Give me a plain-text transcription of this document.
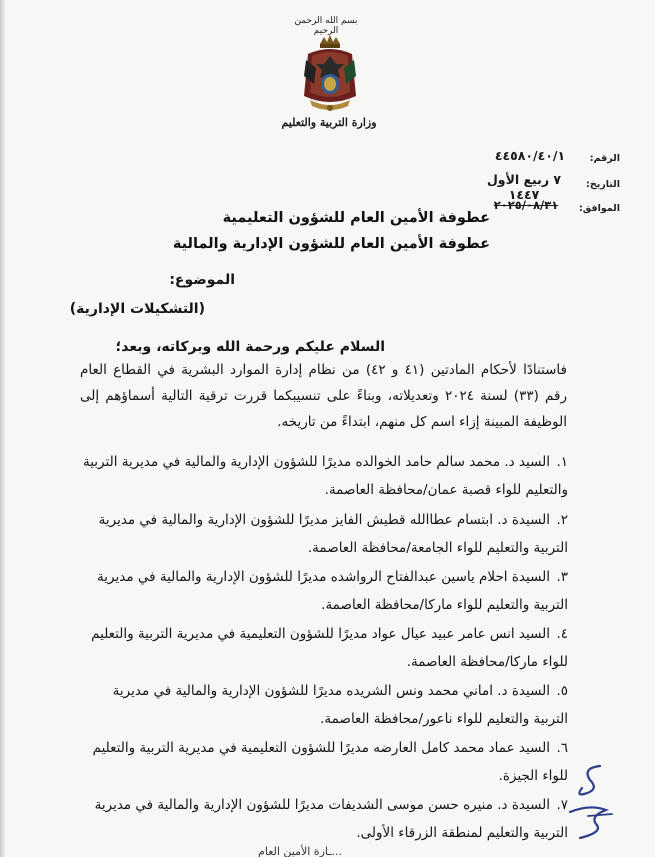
بسم الله الرحمن الرحيم
وزارة التربية والتعليم
الرقم:
٤٤٥٨٠/٤٠/١
التاريخ:
٧ ربيع الأول ١٤٤٧
الموافق:
٢٠٢٥/٠٨/٣١
عطوفة الأمين العام للشؤون التعليمية
عطوفة الأمين العام للشؤون الإدارية والمالية
الموضوع:
(التشكيلات الإدارية)
السلام عليكم ورحمة الله وبركاته، وبعد؛
فاستنادًا لأحكام المادتين (٤١ و ٤٢) من نظام إدارة الموارد البشرية في القطاع العام رقم (٣٣) لسنة ٢٠٢٤ وتعديلاته، وبناءً على تنسيبكما قررت ترقية التالية أسماؤهم إلى الوظيفة المبينة إزاء اسم كل منهم، ابتداءً من تاريخه.
١.السيد د. محمد سالم حامد الخوالده مديرًا للشؤون الإدارية والمالية في مديرية التربية والتعليم للواء قصبة عمان/محافظة العاصمة.
٢.السيدة د. ابتسام عطاالله قطيش الفايز مديرًا للشؤون الإدارية والمالية في مديرية التربية والتعليم للواء الجامعة/محافظة العاصمة.
٣.السيدة احلام ياسين عبدالفتاح الرواشده مديرًا للشؤون الإدارية والمالية في مديرية التربية والتعليم للواء ماركا/محافظة العاصمة.
٤.السيد انس عامر عبيد عيال عواد مديرًا للشؤون التعليمية في مديرية التربية والتعليم للواء ماركا/محافظة العاصمة.
٥.السيدة د. اماني محمد ونس الشريده مديرًا للشؤون الإدارية والمالية في مديرية التربية والتعليم للواء ناعور/محافظة العاصمة.
٦.السيد عماد محمد كامل العارضه مديرًا للشؤون التعليمية في مديرية التربية والتعليم للواء الجيزة.
٧.السيدة د. منيره حسن موسى الشديفات مديرًا للشؤون الإدارية والمالية في مديرية التربية والتعليم لمنطقة الزرقاء الأولى.
...ـارة الأمين العام
